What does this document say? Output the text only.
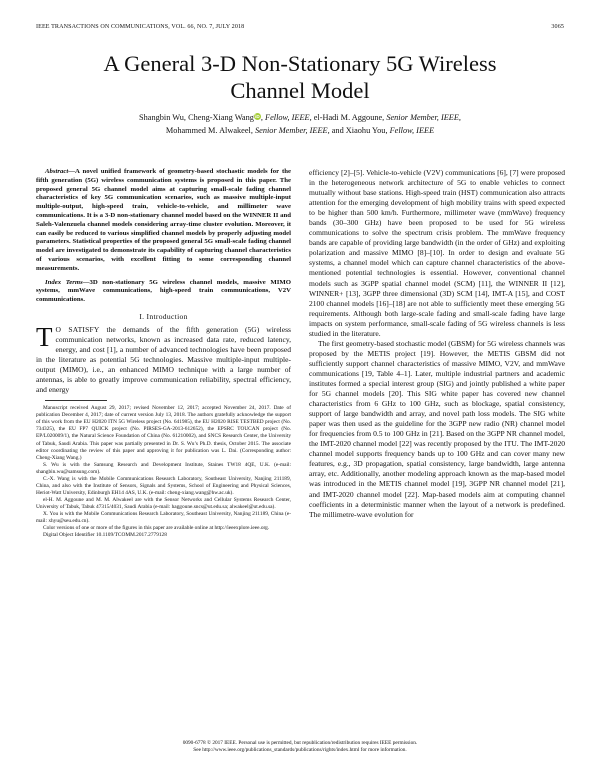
IEEE TRANSACTIONS ON COMMUNICATIONS, VOL. 66, NO. 7, JULY 2018	3065
A General 3-D Non-Stationary 5G Wireless
Channel Model
Shangbin Wu, Cheng-Xiang WangiD, Fellow, IEEE, el-Hadi M. Aggoune, Senior Member, IEEE,
Mohammed M. Alwakeel, Senior Member, IEEE, and Xiaohu You, Fellow, IEEE

Abstract—A novel unified framework of geometry-based stochastic models for the fifth generation (5G) wireless communication systems is proposed in this paper. The proposed general 5G channel model aims at capturing small-scale fading channel characteristics of key 5G communication scenarios, such as massive multiple-input multiple-output, high-speed train, vehicle-to-vehicle, and millimeter wave communications. It is a 3-D non-stationary channel model based on the WINNER II and Saleh-Valenzuela channel models considering array-time cluster evolution. Moreover, it can easily be reduced to various simplified channel models by properly adjusting model parameters. Statistical properties of the proposed general 5G small-scale fading channel model are investigated to demonstrate its capability of capturing channel characteristics of various scenarios, with excellent fitting to some corresponding channel measurements.

Index Terms—3D non-stationary 5G wireless channel models, massive MIMO systems, mmWave communications, high-speed train communications, V2V communications.

I. Introduction

T O SATISFY the demands of the fifth generation (5G) wireless communication networks, known as increased data rate, reduced latency, energy, and cost [1], a number of advanced technologies have been proposed in the literature as potential 5G technologies. Massive multiple-input multiple-output (MIMO), i.e., an enhanced MIMO technique with a large number of antennas, is able to greatly improve communication reliability, spectral efficiency, and energy

Manuscript received August 29, 2017; revised November 12, 2017; accepted November 24, 2017. Date of publication December 4, 2017; date of current version July 13, 2018. The authors gratefully acknowledge the support of this work from the EU H2020 ITN 5G Wireless project (No. 641985), the EU H2020 RISE TESTBED project (No. 734325), the EU FP7 QUICK project (No. PIRSES-GA-2013-612652), the EPSRC TOUCAN project (No. EP/L020009/1), the Natural Science Foundation of China (No. 61210002), and SNCS Research Center, the University of Tabuk, Saudi Arabia. This paper was partially presented in Dr. S. Wu’s Ph.D. thesis, October 2015. The associate editor coordinating the review of this paper and approving it for publication was L. Dai. (Corresponding author: Cheng-Xiang Wang.)

S. Wu is with the Samsung Research and Development Institute, Staines TW18 4QE, U.K. (e-mail: shangbin.wu@samsung.com).

C.-X. Wang is with the Mobile Communications Research Laboratory, Southeast University, Nanjing 211189, China, and also with the Institute of Sensors, Signals and Systems, School of Engineering and Physical Sciences, Heriot-Watt University, Edinburgh EH14 4AS, U.K. (e-mail: cheng-xiang.wang@hw.ac.uk).

el-H. M. Aggoune and M. M. Alwakeel are with the Sensor Networks and Cellular Systems Research Center, University of Tabuk, Tabuk 47315/4031, Saudi Arabia (e-mail: haggoune.sncs@ut.edu.sa; alwakeel@ut.edu.sa).

X. You is with the Mobile Communications Research Laboratory, Southeast University, Nanjing 211189, China (e-mail: xhyu@seu.edu.cn).

Color versions of one or more of the figures in this paper are available online at http://ieeexplore.ieee.org.

Digital Object Identifier 10.1109/TCOMM.2017.2779128

efficiency [2]–[5]. Vehicle-to-vehicle (V2V) communications [6], [7] were proposed in the heterogeneous network architecture of 5G to enable vehicles to connect mutually without base stations. High-speed train (HST) communication also attracts attention for the emerging development of high mobility trains with speed expected to be higher than 500 km/h. Furthermore, millimeter wave (mmWave) frequency bands (30–300 GHz) have been proposed to be used for 5G wireless communications to solve the spectrum crisis problem. The mmWave frequency bands are capable of providing large bandwidth (in the order of GHz) and exploiting polarization and massive MIMO [8]–[10]. In order to design and evaluate 5G systems, a channel model which can capture channel characteristics of the above-mentioned potential technologies is essential. However, conventional channel models such as 3GPP spatial channel model (SCM) [11], the WINNER II [12], WINNER+ [13], 3GPP three dimensional (3D) SCM [14], IMT-A [15], and COST 2100 channel models [16]–[18] are not able to sufficiently meet these emerging 5G requirements. Although both large-scale fading and small-scale fading have large impacts on system performance, small-scale fading of 5G wireless channels is less studied in the literature.

The first geometry-based stochastic model (GBSM) for 5G wireless channels was proposed by the METIS project [19]. However, the METIS GBSM did not sufficiently support channel characteristics of massive MIMO, V2V, and mmWave communications [19, Table 4–1]. Later, multiple industrial partners and academic institutes formed a special interest group (SIG) and jointly published a white paper for 5G channel models [20]. This SIG white paper has covered new channel characteristics from 6 GHz to 100 GHz, such as blockage, spatial consistency, support of large bandwidth and array, and novel path loss models. The SIG white paper was then used as the guideline for the 3GPP new radio (NR) channel model for frequencies from 0.5 to 100 GHz in [21]. Based on the 3GPP NR channel model, the IMT-2020 channel model [22] was recently proposed by the ITU. The IMT-2020 channel model supports frequency bands up to 100 GHz and can cover many new features, e.g., 3D propagation, spatial consistency, large bandwidth, large antenna array, etc. Additionally, another modeling approach known as the map-based model was introduced in the METIS channel model [19], 3GPP NR channel model [21], and IMT-2020 channel model [22]. Map-based models aim at computing channel coefficients in a deterministic manner when the layout of a network is predefined. The millimetre-wave evolution for

0090-6778 © 2017 IEEE. Personal use is permitted, but republication/redistribution requires IEEE permission.
See http://www.ieee.org/publications_standards/publications/rights/index.html for more information.
